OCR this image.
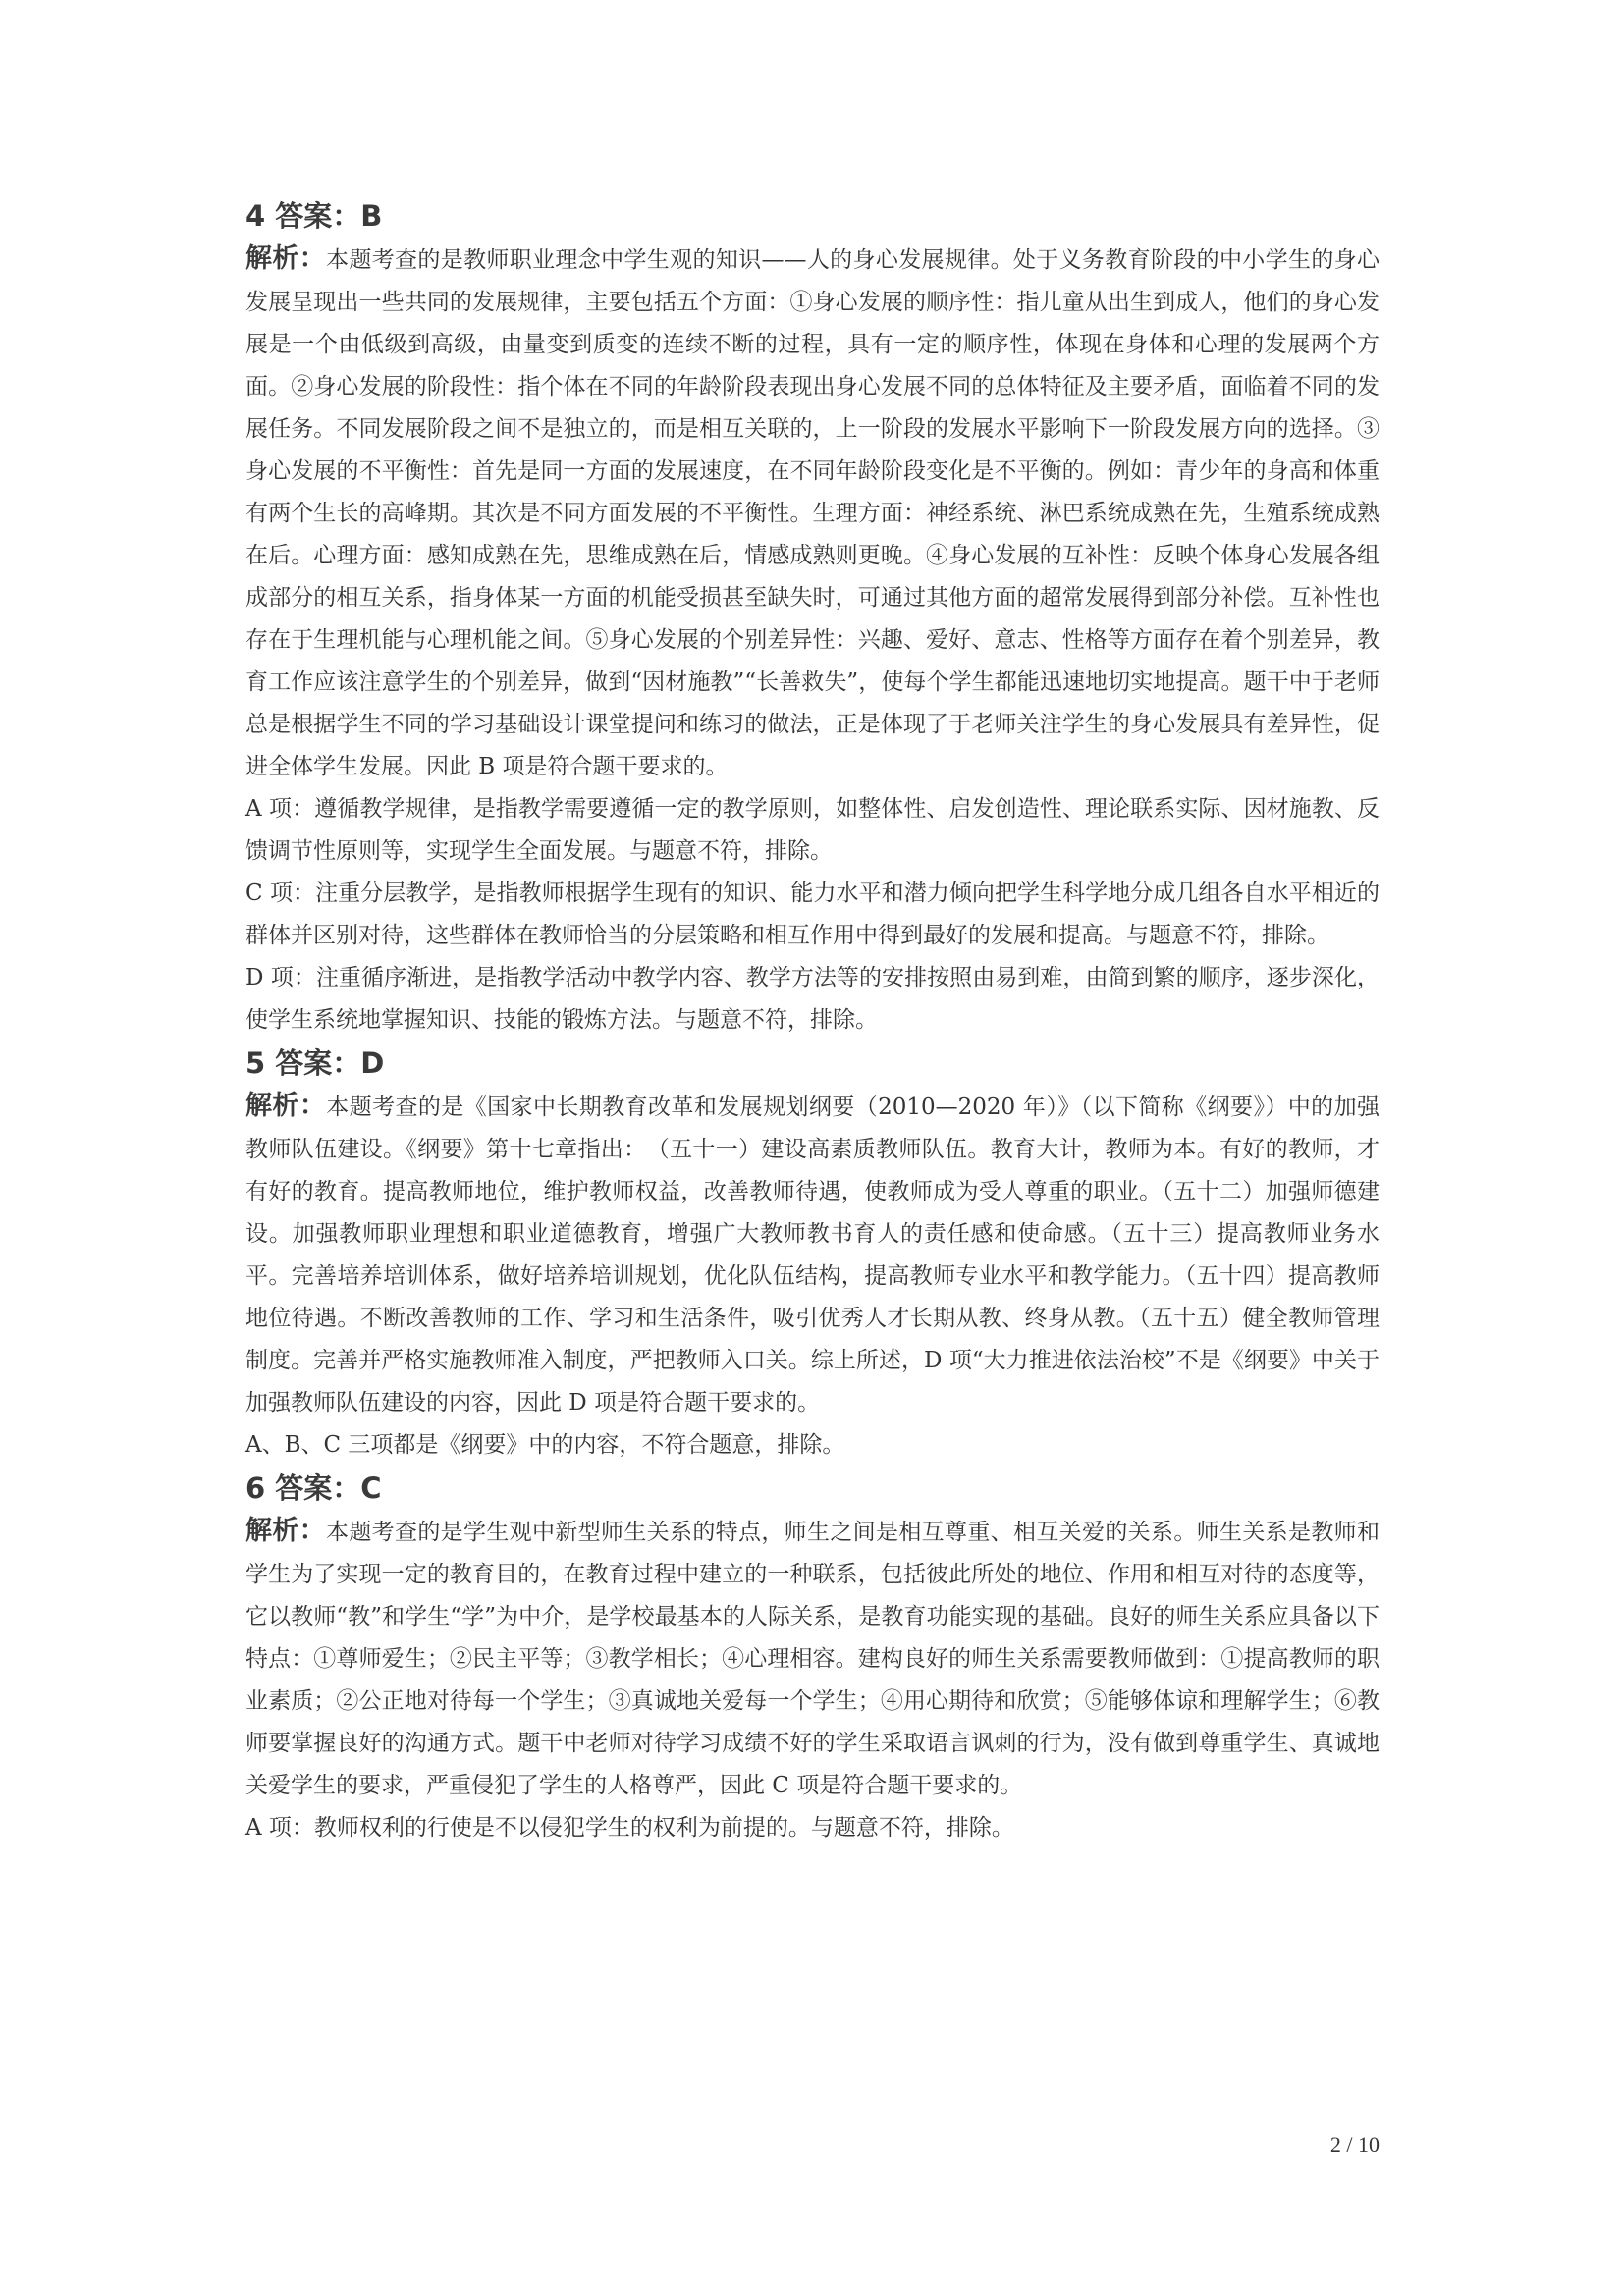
4 答案：B

解析：本题考查的是教师职业理念中学生观的知识——人的身心发展规律。处于义务教育阶段的中小学生的身心发展呈现出一些共同的发展规律，主要包括五个方面：①身心发展的顺序性：指儿童从出生到成人，他们的身心发展是一个由低级到高级，由量变到质变的连续不断的过程，具有一定的顺序性，体现在身体和心理的发展两个方面。②身心发展的阶段性：指个体在不同的年龄阶段表现出身心发展不同的总体特征及主要矛盾，面临着不同的发展任务。不同发展阶段之间不是独立的，而是相互关联的，上一阶段的发展水平影响下一阶段发展方向的选择。③身心发展的不平衡性：首先是同一方面的发展速度，在不同年龄阶段变化是不平衡的。例如：青少年的身高和体重有两个生长的高峰期。其次是不同方面发展的不平衡性。生理方面：神经系统、淋巴系统成熟在先，生殖系统成熟在后。心理方面：感知成熟在先，思维成熟在后，情感成熟则更晚。④身心发展的互补性：反映个体身心发展各组成部分的相互关系，指身体某一方面的机能受损甚至缺失时，可通过其他方面的超常发展得到部分补偿。互补性也存在于生理机能与心理机能之间。⑤身心发展的个别差异性：兴趣、爱好、意志、性格等方面存在着个别差异，教育工作应该注意学生的个别差异，做到“因材施教”“长善救失”，使每个学生都能迅速地切实地提高。题干中于老师总是根据学生不同的学习基础设计课堂提问和练习的做法，正是体现了于老师关注学生的身心发展具有差异性，促进全体学生发展。因此 B 项是符合题干要求的。

A 项：遵循教学规律，是指教学需要遵循一定的教学原则，如整体性、启发创造性、理论联系实际、因材施教、反馈调节性原则等，实现学生全面发展。与题意不符，排除。

C 项：注重分层教学，是指教师根据学生现有的知识、能力水平和潜力倾向把学生科学地分成几组各自水平相近的群体并区别对待，这些群体在教师恰当的分层策略和相互作用中得到最好的发展和提高。与题意不符，排除。

D 项：注重循序渐进，是指教学活动中教学内容、教学方法等的安排按照由易到难，由简到繁的顺序，逐步深化，使学生系统地掌握知识、技能的锻炼方法。与题意不符，排除。

5 答案：D

解析：本题考查的是《国家中长期教育改革和发展规划纲要（2010—2020 年）》（以下简称《纲要》）中的加强教师队伍建设。《纲要》第十七章指出：　（五十一）建设高素质教师队伍。教育大计，教师为本。有好的教师，才有好的教育。提高教师地位，维护教师权益，改善教师待遇，使教师成为受人尊重的职业。（五十二）加强师德建设。加强教师职业理想和职业道德教育，增强广大教师教书育人的责任感和使命感。（五十三）提高教师业务水平。完善培养培训体系，做好培养培训规划，优化队伍结构，提高教师专业水平和教学能力。（五十四）提高教师地位待遇。不断改善教师的工作、学习和生活条件，吸引优秀人才长期从教、终身从教。（五十五）健全教师管理制度。完善并严格实施教师准入制度，严把教师入口关。综上所述，D 项“大力推进依法治校”不是《纲要》中关于加强教师队伍建设的内容，因此 D 项是符合题干要求的。

A、B、C 三项都是《纲要》中的内容，不符合题意，排除。

6 答案：C

解析：本题考查的是学生观中新型师生关系的特点，师生之间是相互尊重、相互关爱的关系。师生关系是教师和学生为了实现一定的教育目的，在教育过程中建立的一种联系，包括彼此所处的地位、作用和相互对待的态度等，它以教师“教”和学生“学”为中介，是学校最基本的人际关系，是教育功能实现的基础。良好的师生关系应具备以下特点：①尊师爱生；②民主平等；③教学相长；④心理相容。建构良好的师生关系需要教师做到：①提高教师的职业素质；②公正地对待每一个学生；③真诚地关爱每一个学生；④用心期待和欣赏；⑤能够体谅和理解学生；⑥教师要掌握良好的沟通方式。题干中老师对待学习成绩不好的学生采取语言讽刺的行为，没有做到尊重学生、真诚地关爱学生的要求，严重侵犯了学生的人格尊严，因此 C 项是符合题干要求的。

A 项：教师权利的行使是不以侵犯学生的权利为前提的。与题意不符，排除。

2 / 10
